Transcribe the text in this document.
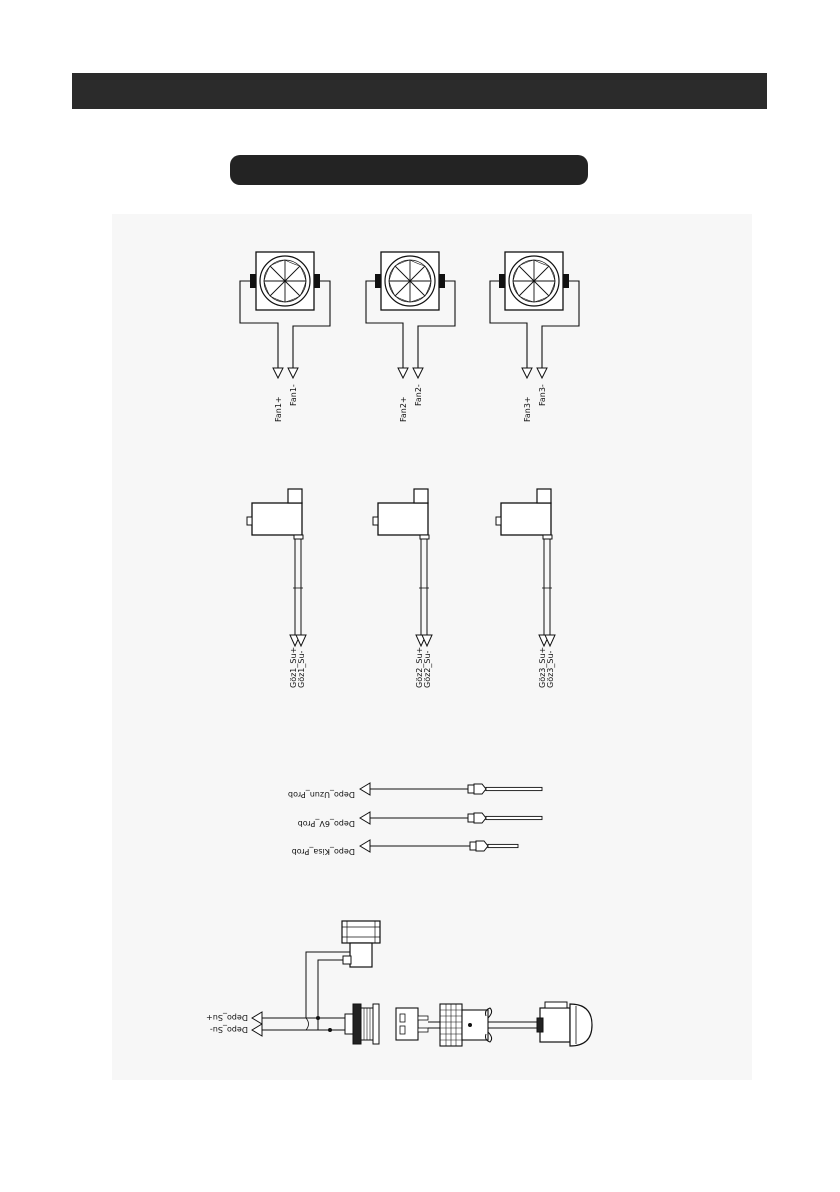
Fan1+
Fan1-
Fan2+
Fan2-
Fan3+
Fan3-
Göz1_Su+ Göz1_Su-	Göz2_Su+ Göz2_Su-	Göz3_Su+ Göz3_Su-
Depo_Uzun_Prob
Depo_6V_Prob
Depo_Kisa_Prob
Depo_Su+
Depo_Su-
